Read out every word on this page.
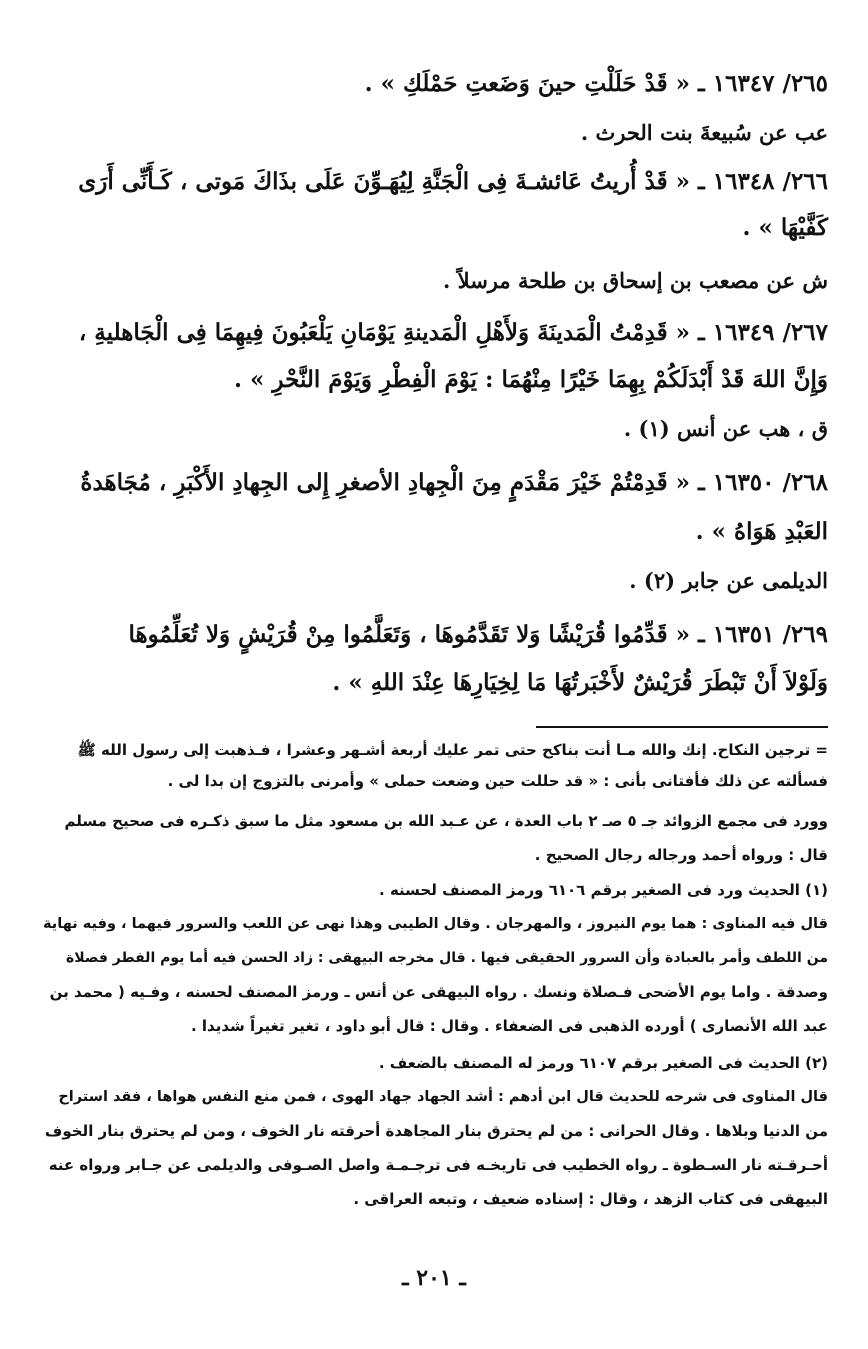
٢٦٥/ ١٦٣٤٧ ـ « قَدْ حَلَلْتِ حينَ وَضَعتِ حَمْلَكِ » .
عب عن سُبيعةَ بنت الحرث .
٢٦٦/ ١٦٣٤٨ ـ « قَدْ أُريتُ عَائشـةَ فِى الْجَنَّةِ لِيُهَـوِّنَ عَلَى بذَاكَ مَوتى ، كَـأَنِّى أَرَى
كَفَّيْهَا » .
ش عن مصعب بن إسحاق بن طلحة مرسلاً .
٢٦٧/ ١٦٣٤٩ ـ « قَدِمْتُ الْمَدينَةَ وَلأَهْلِ الْمَدينةِ يَوْمَانِ يَلْعَبُونَ فِيهِمَا فِى الْجَاهليةِ ،
وَإِنَّ اللهَ قَدْ أَبْدَلَكُمْ بِهِمَا خَيْرًا مِنْهُمَا : يَوْمَ الْفِطْرِ وَيَوْمَ النَّحْرِ » .
ق ، هب عن أنس (١) .
٢٦٨/ ١٦٣٥٠ ـ « قَدِمْتُمْ خَيْرَ مَقْدَمٍ مِنَ الْجِهادِ الأصغرِ إِلى الجِهادِ الأَكْبَرِ ، مُجَاهَدةُ
العَبْدِ هَوَاهُ » .
الديلمى عن جابر (٢) .
٢٦٩/ ١٦٣٥١ ـ « قَدِّمُوا قُرَيْشًا وَلا تَقَدَّمُوهَا ، وَتَعَلَّمُوا مِنْ قُرَيْشٍ وَلا تُعَلِّمُوهَا
وَلَوْلاَ أَنْ تَبْطَرَ قُرَيْشٌ لأَخْبَرتُهَا مَا لِخِيَارِهَا عِنْدَ اللهِ » .
= ترجين النكاح. إنك والله مـا أنت بناكح حتى تمر عليك أربعة أشـهر وعشرا ، فـذهبت إلى رسول الله ﷺ
فسألته عن ذلك فأفتانى بأنى : « قد حللت حين وضعت حملى » وأمرنى بالتزوج إن بدا لى .
وورد فى مجمع الزوائد جـ ٥ صـ ٢ باب العدة ، عن عـبد الله بن مسعود مثل ما سبق ذكـره فى صحيح مسلم
قال : ورواه أحمد ورجاله رجال الصحيح .
(١) الحديث ورد فى الصغير برقم ٦١٠٦ ورمز المصنف لحسنه .
قال فيه المناوى : هما يوم النيروز ، والمهرجان . وقال الطيبى وهذا نهى عن اللعب والسرور فيهما ، وفيه نهاية
من اللطف وأمر بالعبادة وأن السرور الحقيقى فيها . قال مخرجه البيهقى : زاد الحسن فيه أما يوم الفطر فصلاة
وصدقة . واما يوم الأضحى فـصلاة ونسك . رواه البيهقى عن أنس ـ ورمز المصنف لحسنه ، وفـيه ( محمد بن
عبد الله الأنصارى ) أورده الذهبى فى الضعفاء . وقال : قال أبو داود ، تغير تغيراً شديدا .
(٢) الحديث فى الصغير برقم ٦١٠٧ ورمز له المصنف بالضعف .
قال المناوى فى شرحه للحديث قال ابن أدهم : أشد الجهاد جهاد الهوى ، فمن منع النفس هواها ، فقد استراح
من الدنيا وبلاها . وقال الحرانى : من لم يحترق بنار المجاهدة أحرقته نار الخوف ، ومن لم يحترق بنار الخوف
أحـرقـته نار السـطوة ـ رواه الخطيب فى تاريخـه فى ترجـمـة واصل الصـوفى والديلمى عن جـابر ورواه عنه
البيهقى فى كتاب الزهد ، وقال : إسناده ضعيف ، وتبعه العراقى .
ـ ٢٠١ ـ
